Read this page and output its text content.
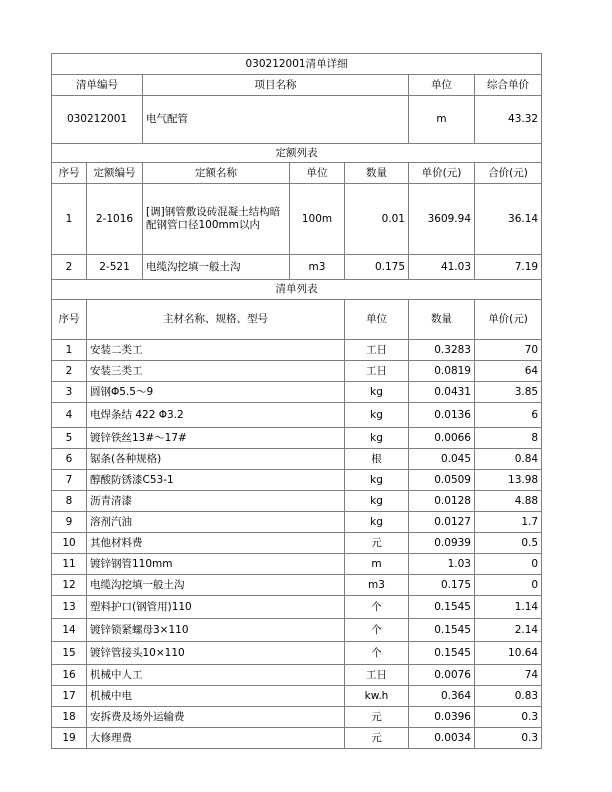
030212001清单详细							
清单编号		项目名称			单位	综合单价	
030212001		电气配管			m	43.32	
定额列表							
序号	定额编号	定额名称	单位	数量	单价(元)	合价(元)	
1	2-1016	[调]钢管敷设砖混凝土结构暗配钢管口径100mm以内	100m	0.01	3609.94	36.14	
2	2-521	电缆沟挖填一般土沟	m3	0.175	41.03	7.19	
清单列表							
序号	主材名称、规格、型号			单位	数量	单价(元)	
1	安装二类工			工日	0.3283	70	
2	安装三类工			工日	0.0819	64	
3	圆钢Φ5.5～9			kg	0.0431	3.85	
4	电焊条结 422 Φ3.2			kg	0.0136	6	
5	镀锌铁丝13#～17#			kg	0.0066	8	
6	锯条(各种规格)			根	0.045	0.84	
7	醇酸防锈漆C53-1			kg	0.0509	13.98	
8	沥青清漆			kg	0.0128	4.88	
9	溶剂汽油			kg	0.0127	1.7	
10	其他材料费			元	0.0939	0.5	
11	镀锌钢管110mm			m	1.03	0	
12	电缆沟挖填一般土沟			m3	0.175	0	
13	塑料护口(钢管用)110			个	0.1545	1.14	
14	镀锌锁紧螺母3×110			个	0.1545	2.14	
15	镀锌管接头10×110			个	0.1545	10.64	
16	机械中人工			工日	0.0076	74	
17	机械中电			kw.h	0.364	0.83	
18	安拆费及场外运输费			元	0.0396	0.3	
19	大修理费			元	0.0034	0.3	
